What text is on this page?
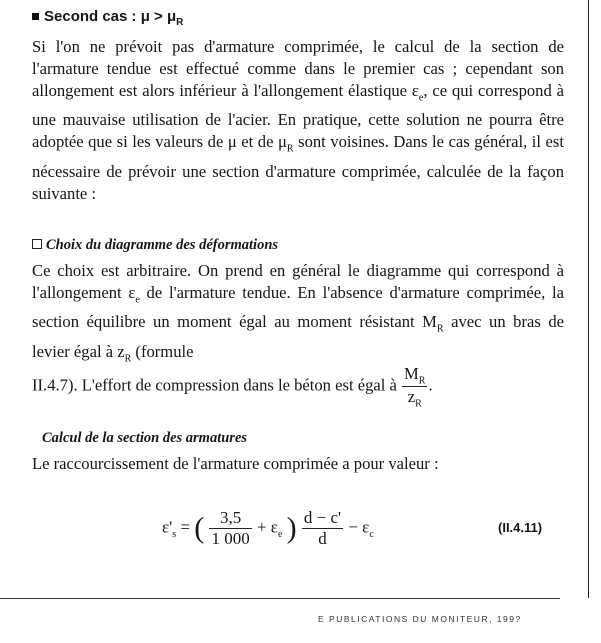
Second cas : $\mu > \mu_R$
Si l'on ne prévoit pas d'armature comprimée, le calcul de la section de l'armature tendue est effectué comme dans le premier cas ; cependant son allongement est alors inférieur à l'allongement élastique $\varepsilon_e$, ce qui correspond à une mauvaise utilisation de l'acier. En pratique, cette solution ne pourra être adoptée que si les valeurs de μ et de $\mu_R$ sont voisines. Dans le cas général, il est nécessaire de prévoir une section d'armature comprimée, calculée de la façon suivante :
Choix du diagramme des déformations
Ce choix est arbitraire. On prend en général le diagramme qui correspond à l'allongement $\varepsilon_e$ de l'armature tendue. En l'absence d'armature comprimée, la section équilibre un moment égal au moment résistant $M_R$ avec un bras de levier égal à $z_R$ (formule
II.4.7). L'effort de compression dans le béton est égal à $\frac{M_R}{z_R}$ .
Calcul de la section des armatures
Le raccourcissement de l'armature comprimée a pour valeur :
$\varepsilon'_s$ = ( $\frac{3,5}{1 000} + \varepsilon_e$ ) $\frac{d - c'}{d} - \varepsilon_c$	(II.4.11)
E PUBLICATIONS DU MONITEUR, 199?
